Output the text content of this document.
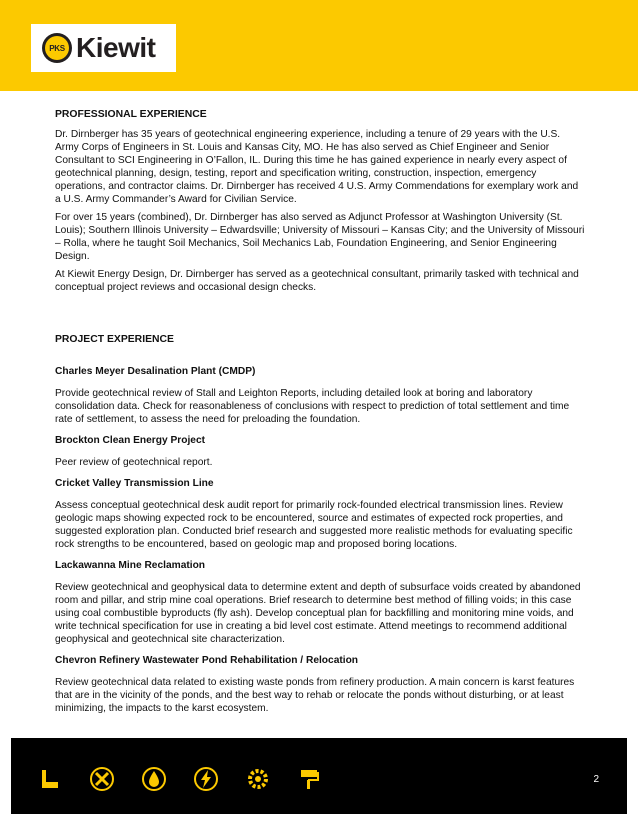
PKS Kiewit
PROFESSIONAL EXPERIENCE

Dr. Dirnberger has 35 years of geotechnical engineering experience, including a tenure of 29 years with the U.S. Army Corps of Engineers in St. Louis and Kansas City, MO. He has also served as Chief Engineer and Senior Consultant to SCI Engineering in O’Fallon, IL. During this time he has gained experience in nearly every aspect of geotechnical planning, design, testing, report and specification writing, construction, inspection, emergency operations, and contractor claims. Dr. Dirnberger has received 4 U.S. Army Commendations for exemplary work and a U.S. Army Commander’s Award for Civilian Service.

For over 15 years (combined), Dr. Dirnberger has also served as Adjunct Professor at Washington University (St. Louis); Southern Illinois University – Edwardsville; University of Missouri – Kansas City; and the University of Missouri – Rolla, where he taught Soil Mechanics, Soil Mechanics Lab, Foundation Engineering, and Senior Engineering Design.

At Kiewit Energy Design, Dr. Dirnberger has served as a geotechnical consultant, primarily tasked with technical and conceptual project reviews and occasional design checks.

PROJECT EXPERIENCE
Charles Meyer Desalination Plant (CMDP)

Provide geotechnical review of Stall and Leighton Reports, including detailed look at boring and laboratory consolidation data. Check for reasonableness of conclusions with respect to prediction of total settlement and time rate of settlement, to assess the need for preloading the foundation.

Brockton Clean Energy Project

Peer review of geotechnical report.

Cricket Valley Transmission Line

Assess conceptual geotechnical desk audit report for primarily rock-founded electrical transmission lines. Review geologic maps showing expected rock to be encountered, source and estimates of expected rock properties, and suggested exploration plan. Conducted brief research and suggested more realistic methods for evaluating specific rock strengths to be encountered, based on geologic map and proposed boring locations.

Lackawanna Mine Reclamation

Review geotechnical and geophysical data to determine extent and depth of subsurface voids created by abandoned room and pillar, and strip mine coal operations. Brief research to determine best method of filling voids; in this case using coal combustible byproducts (fly ash). Develop conceptual plan for backfilling and monitoring mine voids, and write technical specification for use in creating a bid level cost estimate. Attend meetings to recommend additional geophysical and geotechnical site characterization.

Chevron Refinery Wastewater Pond Rehabilitation / Relocation

Review geotechnical data related to existing waste ponds from refinery production. A main concern is karst features that are in the vicinity of the ponds, and the best way to rehab or relocate the ponds without disturbing, or at least minimizing, the impacts to the karst ecosystem.

2
